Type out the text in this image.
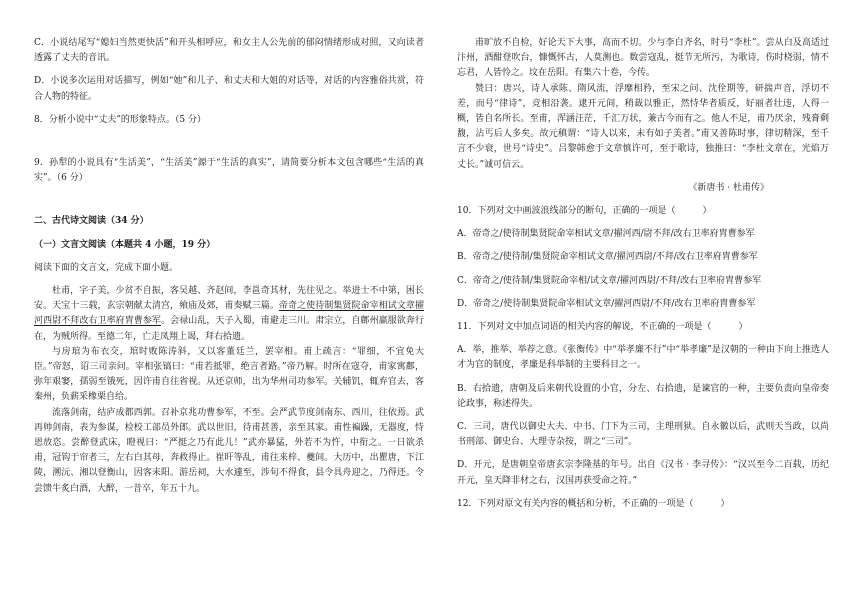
C．小说结尾写“媳妇当然更快活”和开头相呼应，和女主人公先前的郁闷情绪形成对照，又向读者透露了丈夫的音讯。

D．小说多次运用对话描写，例如“她”和儿子、和丈夫和大姐的对话等，对话的内容雅俗共赏，符合人物的特征。

8．分析小说中“丈夫”的形象特点。（5 分）

9．孙犁的小说具有“生活美”，“生活美”源于“生活的真实”，请简要分析本文包含哪些“生活的真实”。（6 分）

二、古代诗文阅读（34 分）

（一）文言文阅读（本题共 4 小题，19 分）

阅读下面的文言文，完成下面小题。

杜甫，字子美，少贫不自振，客吴越、齐赵间，李邕奇其材，先往见之。举进士不中第，困长安。天宝十三载，玄宗朝献太清宫，飨庙及郊，甫奏赋三篇。帝奇之使待制集贤院命宰相试文章擢河西尉不拜改右卫率府胄曹参军。会禄山乱，天子入蜀，甫避走三川。肃宗立，自鄜州羸服欲奔行在，为贼所得。至德二年，亡走凤翔上谒，拜右拾遗。

与房琯为布衣交，琯时败陈涛斜，又以客董廷兰，罢宰相。甫上疏言：“罪细，不宜免大臣。”帝怒，诏三司亲问。宰相张镐曰：“甫若抵罪，绝言者路。”帝乃解。时所在寇夺，甫家寓鄜，弥年艰窭，孺弱至饿死，因许甫自往省视。从还京师，出为华州司功参军。关辅饥，辄弃官去，客秦州，负薪采橡栗自给。

流落剑南，结庐成都西郭。召补京兆功曹参军，不至。会严武节度剑南东、西川，往依焉。武再帅剑南，表为参谋，检校工部员外郎。武以世旧，待甫甚善，亲至其家。甫性褊躁，无器度，恃恩放恣。尝醉登武床，瞪视曰：“严挺之乃有此儿！”武亦暴猛，外若不为忤，中衔之。一日欲杀甫，冠钩于帘者三，左右白其母，奔救得止。崔旰等乱，甫往来梓、夔间。大历中，出瞿唐，下江陵，溯沅、湘以登衡山，因客耒阳。游岳祠，大水遽至，涉旬不得食，县令具舟迎之，乃得还。令尝馈牛炙白酒，大醉，一昔卒，年五十九。

甫旷放不自检，好论天下大事，高而不切。少与李白齐名，时号“李杜”。尝从白及高适过汴州，酒酣登吹台，慷慨怀古，人莫测也。数尝寇乱，挺节无所污，为歌诗，伤时桡弱，情不忘君，人皆怜之。坟在岳阳。有集六十卷，今传。

赞曰：唐兴，诗人承陈、隋风流，浮靡相矜，至宋之问、沈佺期等，研揣声音，浮切不差，而号“律诗”，竞相沿袭。逮开元间，稍裁以雅正，然恃华者质反，好丽者壮违，人得一概，皆自名所长。至甫，浑涵汪茫，千汇万状，兼古今而有之。他人不足，甫乃厌余，残膏剩馥，沾丐后人多矣。故元稹谓：“诗人以来，未有如子美者。”甫又善陈时事，律切精深，至千言不少衰，世号“诗史”。吕黎韩愈于文章慎许可，至于歌诗，独推曰：“李杜文章在，光焰万丈长。”诚可信云。

《新唐书 · 杜甫传》

10．下列对文中画波浪线部分的断句，正确的一项是（　　　）

A．帝奇之/使待制集贤院命宰相试文章/擢河西/尉不拜/改右卫率府胄曹参军

B．帝奇之/使待制/集贤院命宰相试文章/擢河西尉/不拜/改右卫率府胄曹参军

C．帝奇之/使待制/集贤院命宰相/试文章/擢河西尉/不拜/改右卫率府胄曹参军

D．帝奇之/使待制集贤院命宰相试文章/擢河西尉/不拜/改右卫率府胄曹参军

11．下列对文中加点词语的相关内容的解说，不正确的一项是（　　　）

A．举，推举、举荐之意。《张衡传》中“举孝廉不行”中“举孝廉”是汉朝的一种由下向上推选人才为官的制度，孝廉是科举制的主要科目之一。

B．右拾遗，唐朝及后来朝代设置的小官，分左、右拾遗，是谏官的一种，主要负责向皇帝奏论政事，称述得失。

C．三司，唐代以御史大夫、中书、门下为三司，主理刑狱。自永徽以后，武则天当政，以尚书刑部、御史台、大理寺杂按，谓之“三司”。

D．开元，是唐朝皇帝唐玄宗李隆基的年号。出自《汉书 · 李寻传》：“汉兴至今二百载，历纪开元，皇天降非材之右，汉国再获受命之符。”

12．下列对原文有关内容的概括和分析，不正确的一项是（　　　）
